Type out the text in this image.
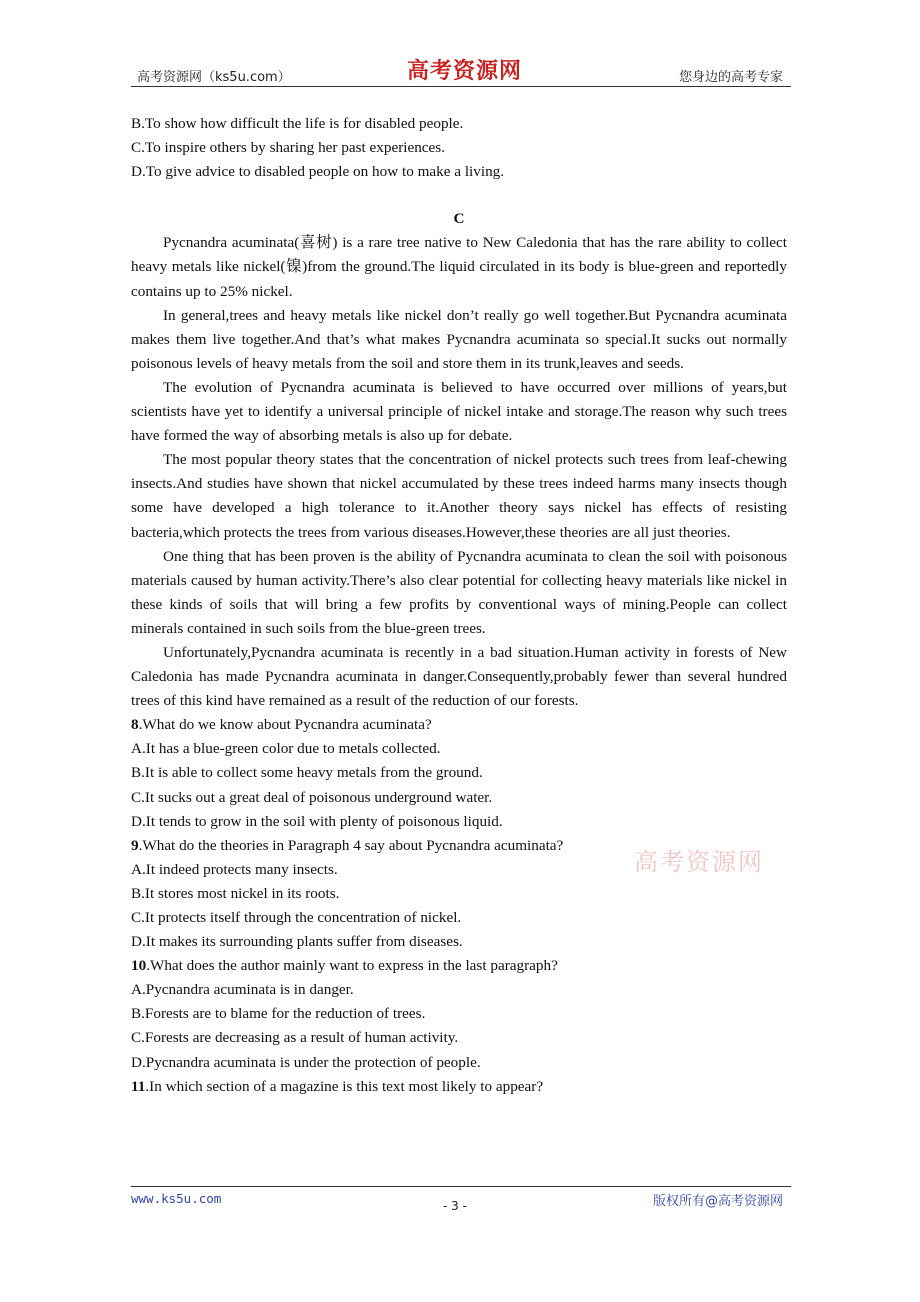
高考资源网（ks5u.com）	高考资源网	您身边的高考专家

B.To show how difficult the life is for disabled people.

C.To inspire others by sharing her past experiences.

D.To give advice to disabled people on how to make a living.

C

Pycnandra acuminata(喜树) is a rare tree native to New Caledonia that has the rare ability to collect heavy metals like nickel(镍)from the ground.The liquid circulated in its body is blue-green and reportedly contains up to 25% nickel.

In general,trees and heavy metals like nickel don’t really go well together.But Pycnandra acuminata makes them live together.And that’s what makes Pycnandra acuminata so special.It sucks out normally poisonous levels of heavy metals from the soil and store them in its trunk,leaves and seeds.

The evolution of Pycnandra acuminata is believed to have occurred over millions of years,but scientists have yet to identify a universal principle of nickel intake and storage.The reason why such trees have formed the way of absorbing metals is also up for debate.

The most popular theory states that the concentration of nickel protects such trees from leaf-chewing insects.And studies have shown that nickel accumulated by these trees indeed harms many insects though some have developed a high tolerance to it.Another theory says nickel has effects of resisting bacteria,which protects the trees from various diseases.However,these theories are all just theories.

One thing that has been proven is the ability of Pycnandra acuminata to clean the soil with poisonous materials caused by human activity.There’s also clear potential for collecting heavy materials like nickel in these kinds of soils that will bring a few profits by conventional ways of mining.People can collect minerals contained in such soils from the blue-green trees.

Unfortunately,Pycnandra acuminata is recently in a bad situation.Human activity in forests of New Caledonia has made Pycnandra acuminata in danger.Consequently,probably fewer than several hundred trees of this kind have remained as a result of the reduction of our forests.

8.What do we know about Pycnandra acuminata?

A.It has a blue-green color due to metals collected.

B.It is able to collect some heavy metals from the ground.

C.It sucks out a great deal of poisonous underground water.

D.It tends to grow in the soil with plenty of poisonous liquid.

9.What do the theories in Paragraph 4 say about Pycnandra acuminata?

A.It indeed protects many insects.

B.It stores most nickel in its roots.

C.It protects itself through the concentration of nickel.

D.It makes its surrounding plants suffer from diseases.

10.What does the author mainly want to express in the last paragraph?

A.Pycnandra acuminata is in danger.

B.Forests are to blame for the reduction of trees.

C.Forests are decreasing as a result of human activity.

D.Pycnandra acuminata is under the protection of people.

11.In which section of a magazine is this text most likely to appear?

高考资源网
www.ks5u.com	- 3 -	版权所有@高考资源网
